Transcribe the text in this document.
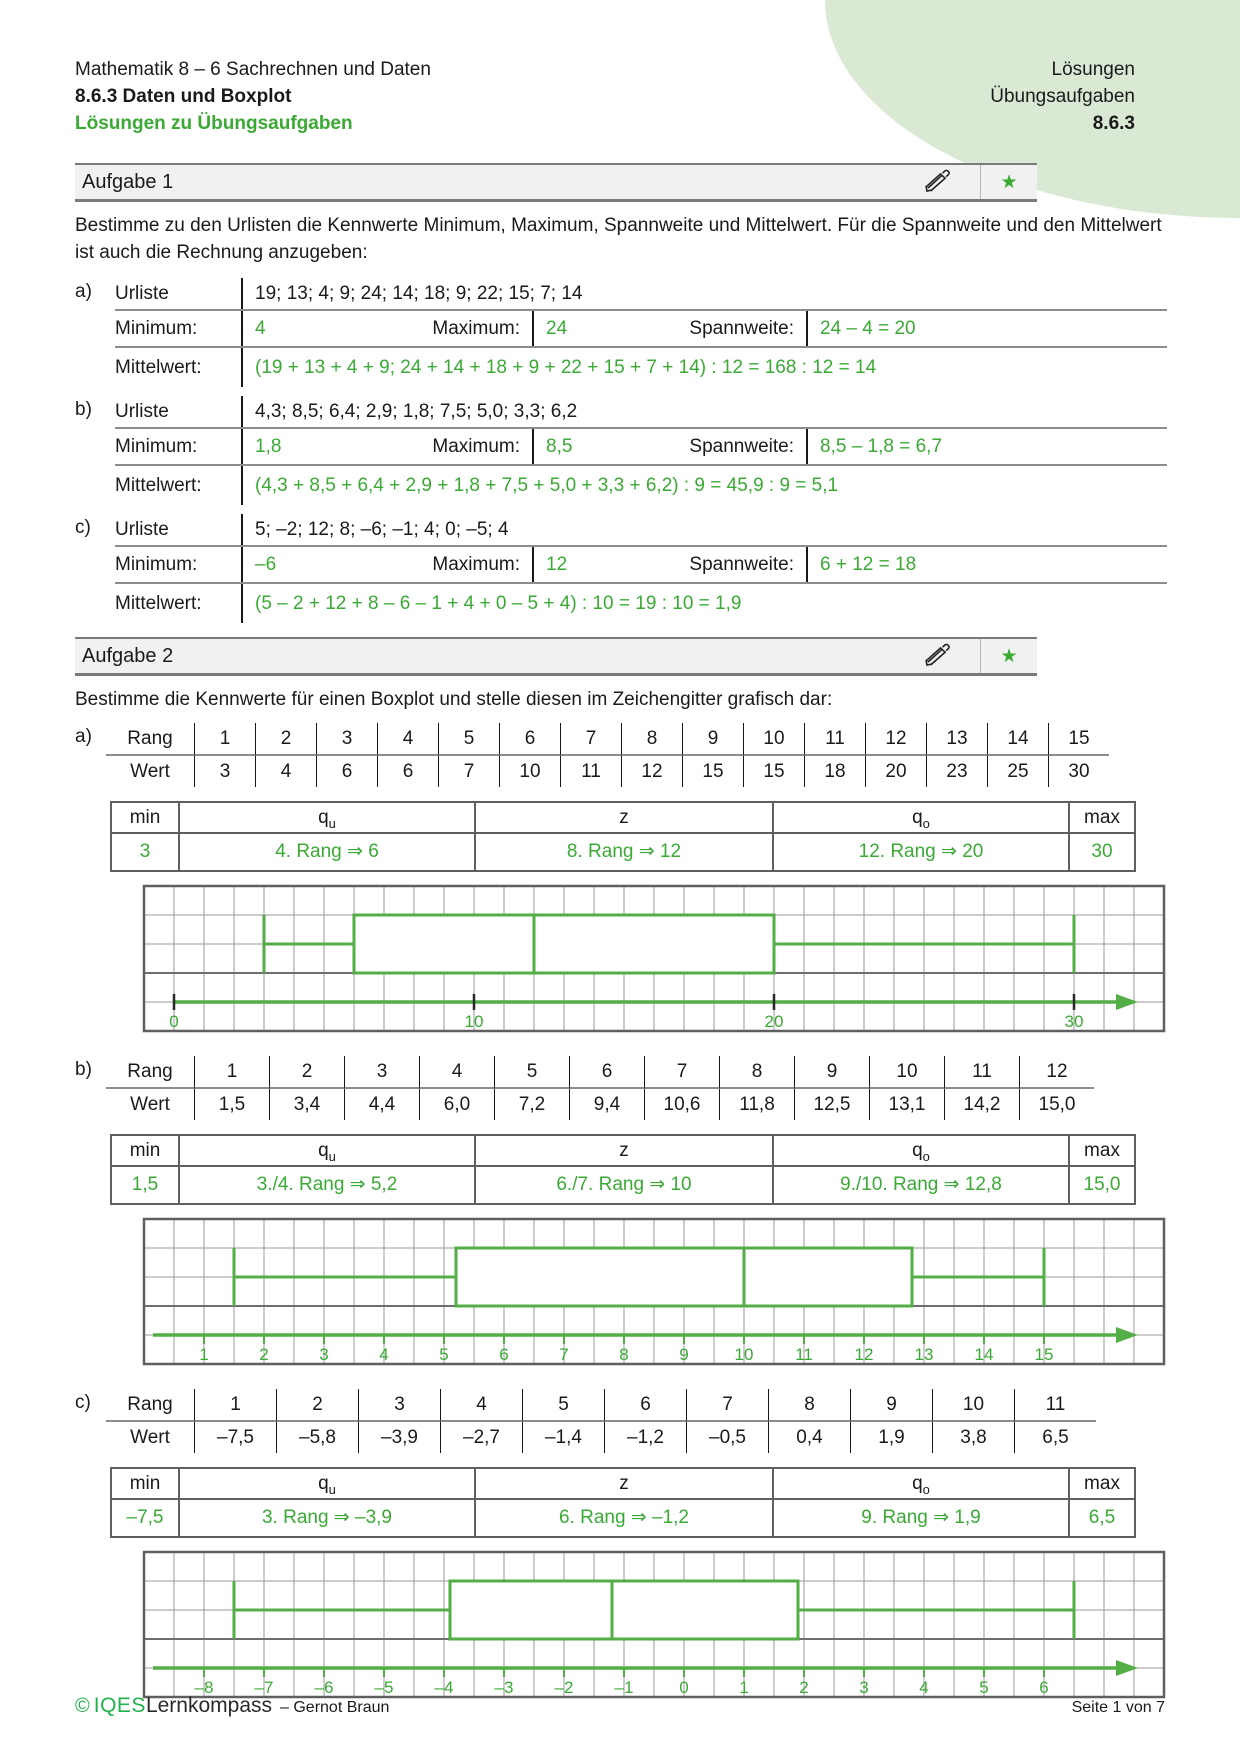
Lösungen
Übungsaufgaben
8.6.3
Mathematik 8 – 6 Sachrechnen und Daten
8.6.3 Daten und Boxplot
Lösungen zu Übungsaufgaben
Aufgabe 1	★
Bestimme zu den Urlisten die Kennwerte Minimum, Maximum, Spannweite und Mittelwert. Für die Spannweite und den Mittelwert ist auch die Rechnung anzugeben:
a)	Urliste	19; 13; 4; 9; 24; 14; 18; 9; 22; 15; 7; 14
Minimum:	4	Maximum:	24	Spannweite:	24 – 4 = 20
Mittelwert:	(19 + 13 + 4 + 9; 24 + 14 + 18 + 9 + 22 + 15 + 7 + 14) : 12 = 168 : 12 = 14
b)	Urliste	4,3; 8,5; 6,4; 2,9; 1,8; 7,5; 5,0; 3,3; 6,2
Minimum:	1,8	Maximum:	8,5	Spannweite:	8,5 – 1,8 = 6,7
Mittelwert:	(4,3 + 8,5 + 6,4 + 2,9 + 1,8 + 7,5 + 5,0 + 3,3 + 6,2) : 9 = 45,9 : 9 = 5,1
c)	Urliste	5; –2; 12; 8; –6; –1; 4; 0; –5; 4
Minimum:	–6	Maximum:	12	Spannweite:	6 + 12 = 18
Mittelwert:	(5 – 2 + 12 + 8 – 6 – 1 + 4 + 0 – 5 + 4) : 10 = 19 : 10 = 1,9
Aufgabe 2	★
Bestimme die Kennwerte für einen Boxplot und stelle diesen im Zeichengitter grafisch dar:
a)	Rang	1	2	3	4	5	6	7	8	9	10	11	12	13	14	15
Wert	3	4	6	6	7	10	11	12	15	15	18	20	23	25	30
min	$q_u$	z	$q_o$	max
3	4. Rang ⇒ 6	8. Rang ⇒ 12	12. Rang ⇒ 20	30
0	10	20	30
b)	Rang	1	2	3	4	5	6	7	8	9	10	11	12
Wert	1,5	3,4	4,4	6,0	7,2	9,4	10,6	11,8	12,5	13,1	14,2	15,0
min	$q_u$	z	$q_o$	max
1,5	3./4. Rang ⇒ 5,2	6./7. Rang ⇒ 10	9./10. Rang ⇒ 12,8	15,0
1	2	3	4	5	6	7	8	9	10 11 12 13 14 15
c)	Rang	1	2	3	4	5	6	7	8	9	10	11
Wert	–7,5	–5,8	–3,9	–2,7	–1,4	–1,2	–0,5	0,4	1,9	3,8	6,5
min	$q_u$	z	$q_o$	max
–7,5	3. Rang ⇒ –3,9	6. Rang ⇒ –1,2	9. Rang ⇒ 1,9	6,5
–8 –7 –6 –5 –4 –3 –2 –1	0	1	2	3	4	5	6
© IQES Lernkompass – Gernot Braun	Seite 1 von 7
